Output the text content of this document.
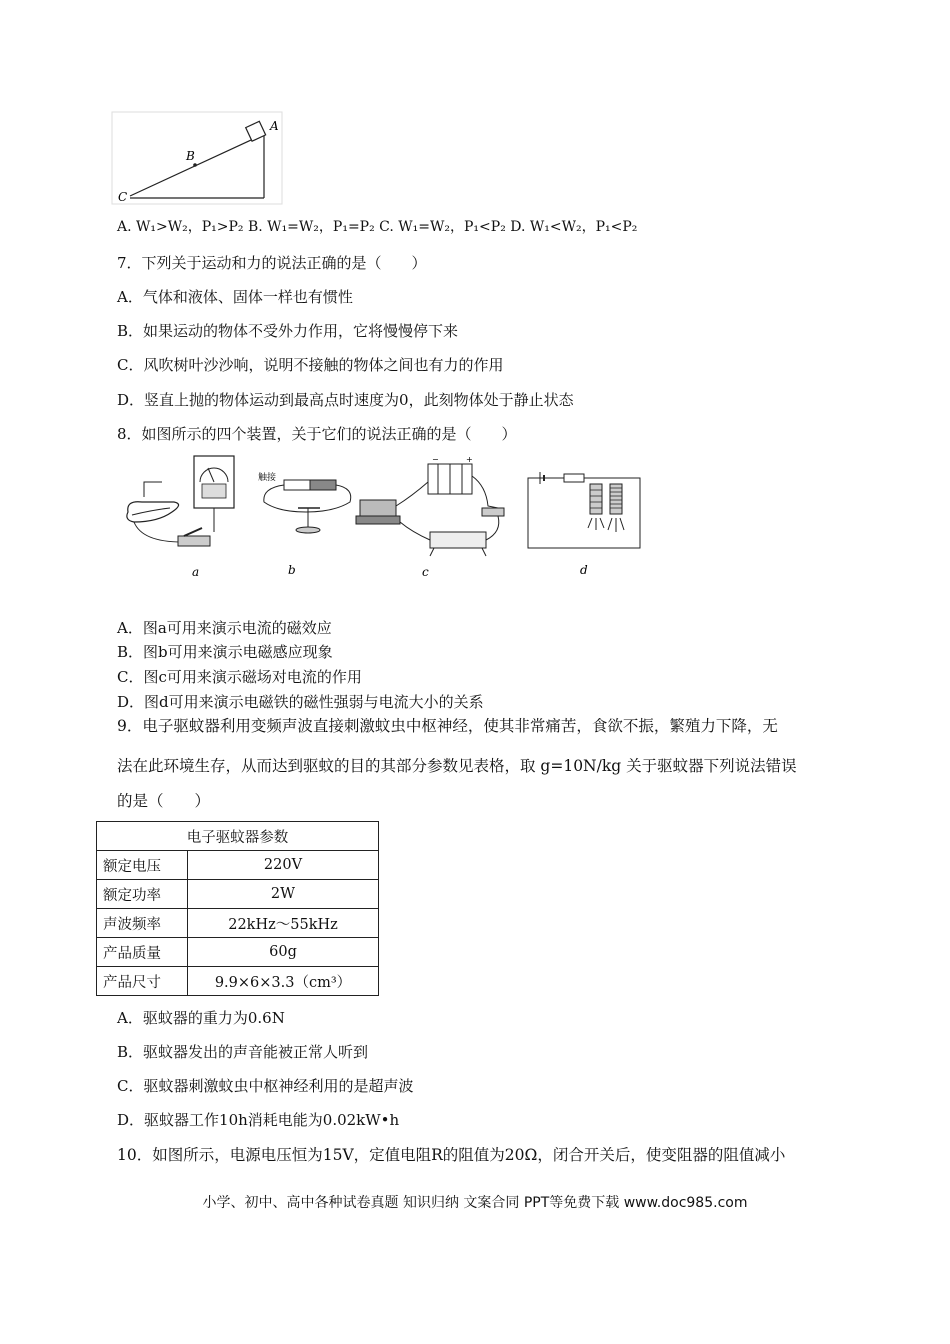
A
B
C
A. W₁>W₂，P₁>P₂ B. W₁=W₂，P₁=P₂ C. W₁=W₂，P₁<P₂ D. W₁<W₂，P₁<P₂
7．下列关于运动和力的说法正确的是（　　）
A．气体和液体、固体一样也有惯性
B．如果运动的物体不受外力作用，它将慢慢停下来
C．风吹树叶沙沙响，说明不接触的物体之间也有力的作用
D．竖直上抛的物体运动到最高点时速度为0，此刻物体处于静止状态
8．如图所示的四个装置，关于它们的说法正确的是（　　）
a
触接
b
−	+
c	d
A．图a可用来演示电流的磁效应
B．图b可用来演示电磁感应现象
C．图c可用来演示磁场对电流的作用
D．图d可用来演示电磁铁的磁性强弱与电流大小的关系
9．电子驱蚊器利用变频声波直接刺激蚊虫中枢神经，使其非常痛苦，食欲不振，繁殖力下降，无
法在此环境生存，从而达到驱蚊的目的其部分参数见表格，取 g=10N/kg 关于驱蚊器下列说法错误
的是（　　）
电子驱蚊器参数	
额定电压	220V
额定功率	2W
声波频率	22kHz～55kHz
产品质量	60g
产品尺寸	9.9×6×3.3（cm³）
A．驱蚊器的重力为0.6N
B．驱蚊器发出的声音能被正常人听到
C．驱蚊器刺激蚊虫中枢神经利用的是超声波
D．驱蚊器工作10h消耗电能为0.02kW•h
10．如图所示，电源电压恒为15V，定值电阻R的阻值为20Ω，闭合开关后，使变阻器的阻值减小
小学、初中、高中各种试卷真题 知识归纳 文案合同 PPT等免费下载 www.doc985.com
